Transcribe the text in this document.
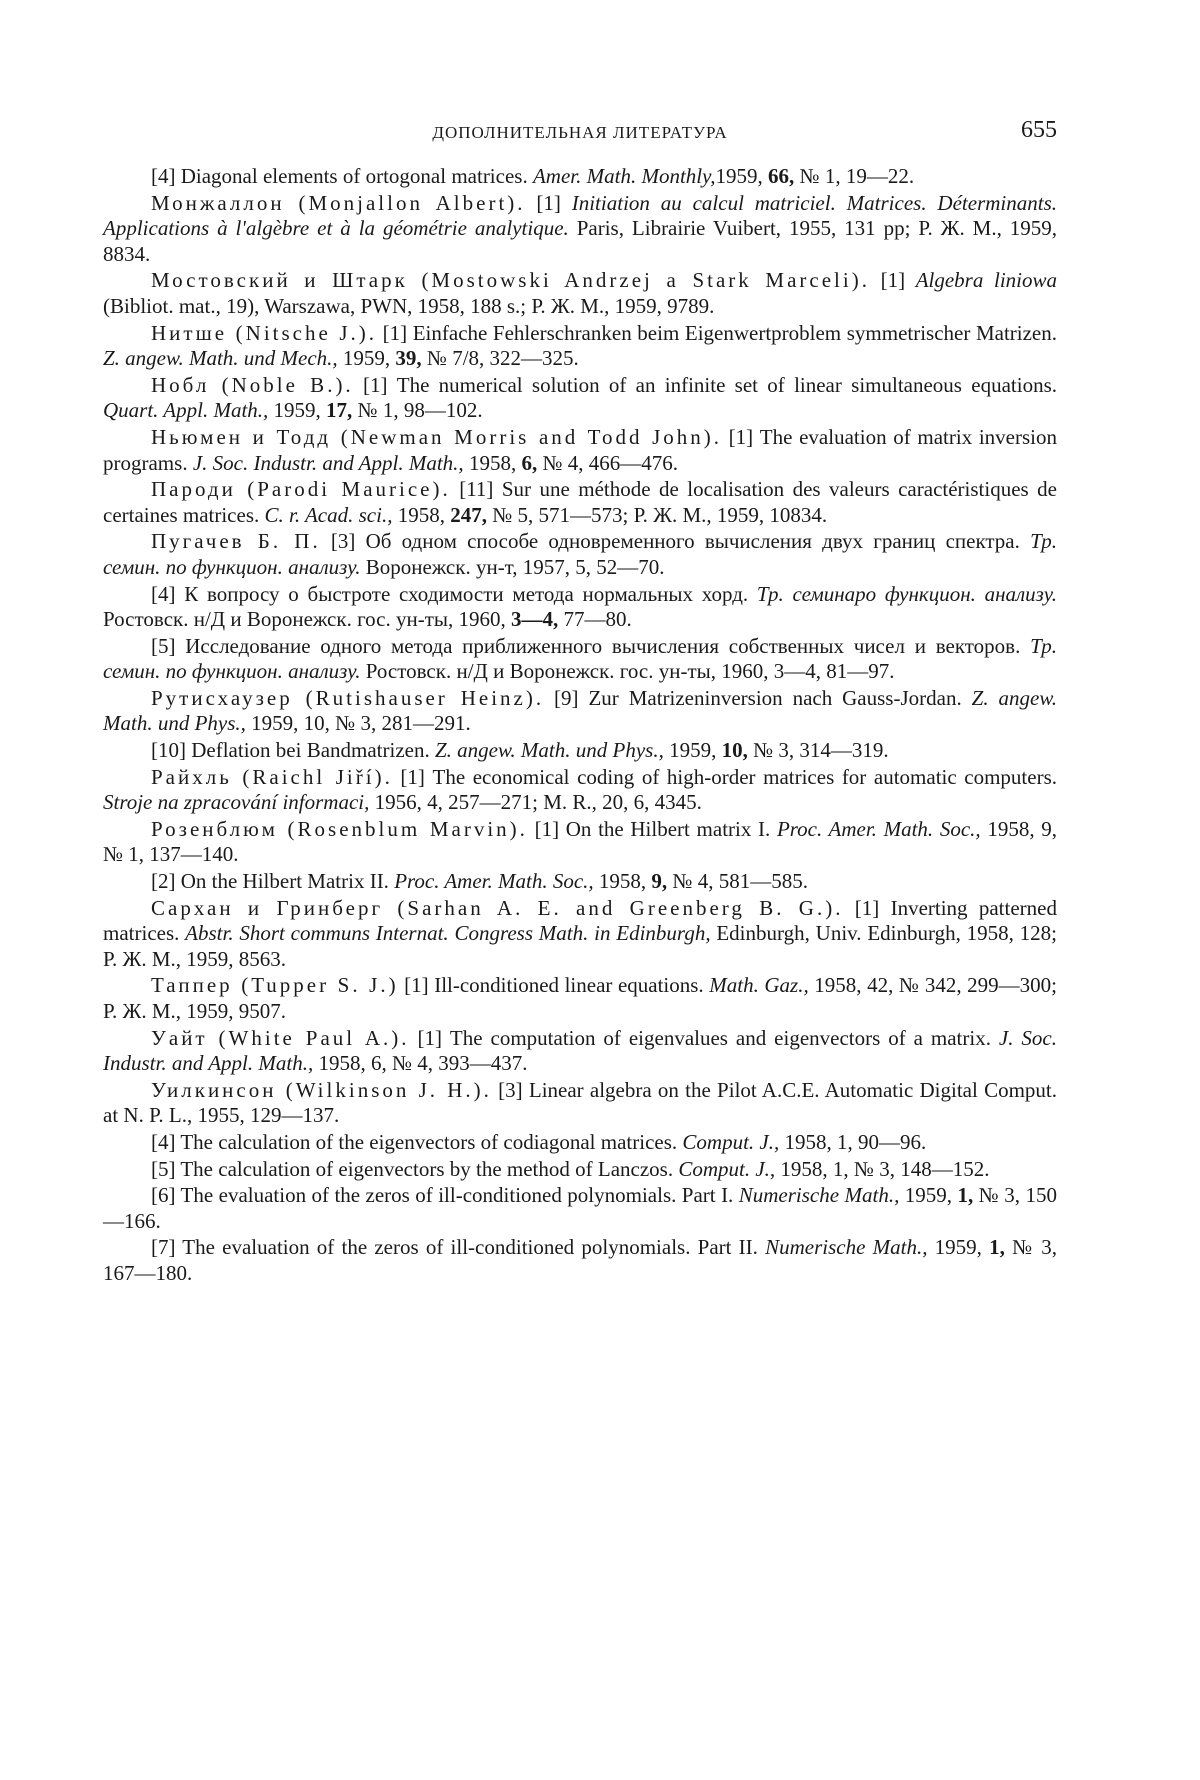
ДОПОЛНИТЕЛЬНАЯ ЛИТЕРАТУРА	655

[4] Diagonal elements of ortogonal matrices. Amer. Math. Monthly,1959, 66, № 1, 19—22.

Монжаллон (Monjallon Albert). [1] Initiation au calcul matriciel. Matrices. Déterminants. Applications à l'algèbre et à la géométrie analytique. Paris, Librairie Vuibert, 1955, 131 pp; Р. Ж. М., 1959, 8834.

Мостовский и Штарк (Mostowski Andrzej a Stark Marceli). [1] Algebra liniowa (Bibliot. mat., 19), Warszawa, PWN, 1958, 188 s.; Р. Ж. М., 1959, 9789.

Нитше (Nitsche J.). [1] Einfache Fehlerschranken beim Eigenwertproblem symmetrischer Matrizen. Z. angew. Math. und Mech., 1959, 39, № 7/8, 322—325.

Нобл (Noble B.). [1] The numerical solution of an infinite set of linear simultaneous equations. Quart. Appl. Math., 1959, 17, № 1, 98—102.

Ньюмен и Тодд (Newman Morris and Todd John). [1] The evaluation of matrix inversion programs. J. Soc. Industr. and Appl. Math., 1958, 6, № 4, 466—476.

Пароди (Parodi Maurice). [11] Sur une méthode de localisation des valeurs caractéristiques de certaines matrices. C. r. Acad. sci., 1958, 247, № 5, 571—573; Р. Ж. М., 1959, 10834.

Пугачев Б. П. [3] Об одном способе одновременного вычисления двух границ спектра. Тр. семин. по функцион. анализу. Воронежск. ун-т, 1957, 5, 52—70.

[4] К вопросу о быстроте сходимости метода нормальных хорд. Тр. семинаро функцион. анализу. Ростовск. н/Д и Воронежск. гос. ун-ты, 1960, 3—4, 77—80.

[5] Исследование одного метода приближенного вычисления собственных чисел и векторов. Тр. семин. по функцион. анализу. Ростовск. н/Д и Воронежск. гос. ун-ты, 1960, 3—4, 81—97.

Рутисхаузер (Rutishauser Heinz). [9] Zur Matrizeninversion nach Gauss-Jordan. Z. angew. Math. und Phys., 1959, 10, № 3, 281—291.

[10] Deflation bei Bandmatrizen. Z. angew. Math. und Phys., 1959, 10, № 3, 314—319.

Райхль (Raichl Jiří). [1] The economical coding of high-order matrices for automatic computers. Stroje na zpracování informaci, 1956, 4, 257—271; М. R., 20, 6, 4345.

Розенблюм (Rosenblum Marvin). [1] On the Hilbert matrix I. Proc. Amer. Math. Soc., 1958, 9, № 1, 137—140.

[2] On the Hilbert Matrix II. Proc. Amer. Math. Soc., 1958, 9, № 4, 581—585.

Сархан и Гринберг (Sarhan A. E. and Greenberg B. G.). [1] Inverting patterned matrices. Abstr. Short communs Internat. Congress Math. in Edinburgh, Edinburgh, Univ. Edinburgh, 1958, 128; Р. Ж. М., 1959, 8563.

Таппер (Tupper S. J.) [1] Ill-conditioned linear equations. Math. Gaz., 1958, 42, № 342, 299—300; Р. Ж. М., 1959, 9507.

Уайт (White Paul A.). [1] The computation of eigenvalues and eigenvectors of a matrix. J. Soc. Industr. and Appl. Math., 1958, 6, № 4, 393—437.

Уилкинсон (Wilkinson J. H.). [3] Linear algebra on the Pilot A.C.E. Automatic Digital Comput. at N. P. L., 1955, 129—137.

[4] The calculation of the eigenvectors of codiagonal matrices. Comput. J., 1958, 1, 90—96.

[5] The calculation of eigenvectors by the method of Lanczos. Comput. J., 1958, 1, № 3, 148—152.

[6] The evaluation of the zeros of ill-conditioned polynomials. Part I. Numerische Math., 1959, 1, № 3, 150—166.

[7] The evaluation of the zeros of ill-conditioned polynomials. Part II. Numerische Math., 1959, 1, № 3, 167—180.
